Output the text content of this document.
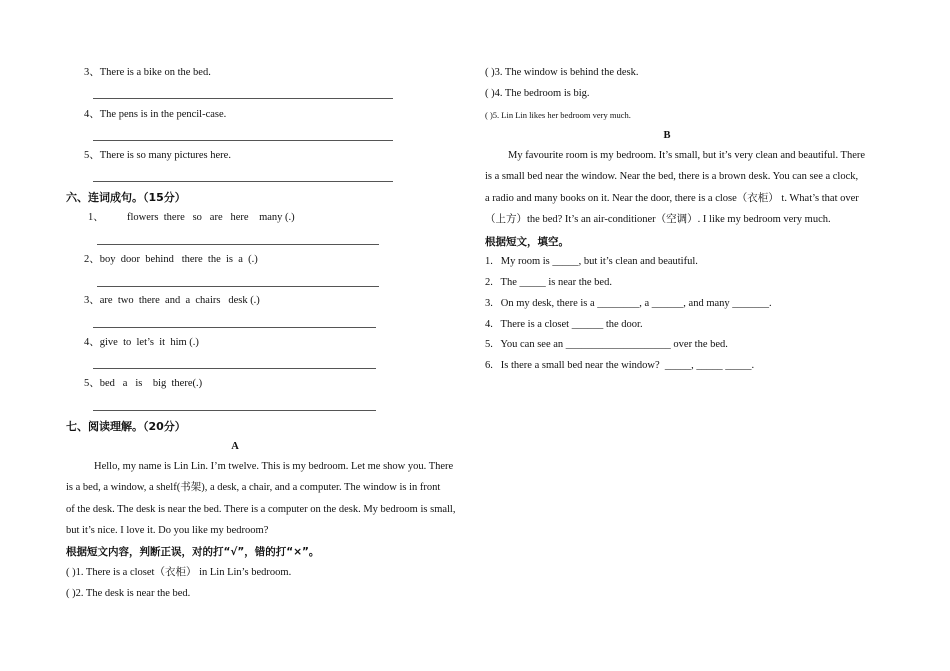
3、There is a bike on the bed.
4、The pens is in the pencil-case.
5、There is so many pictures here.
六、连词成句。（15分）
1、 flowers  there   so   are   here    many (.)
2、boy  door  behind   there  the  is  a  (.)
3、are  two  there  and  a  chairs   desk (.)
4、give  to  let’s  it  him (.)
5、bed   a   is    big  there(.)
七、阅读理解。（20分）
A
Hello, my name is Lin Lin. I’m twelve. This is my bedroom. Let me show you. There
is a bed, a window, a shelf(书架), a desk, a chair, and a computer. The window is in front
of the desk. The desk is near the bed. There is a computer on the desk. My bedroom is small,
but it’s nice. I love it. Do you like my bedroom?
根据短文内容，判断正误，对的打“√”，错的打“×”。
( )1. There is a closet（衣柜） in Lin Lin’s bedroom.
( )2. The desk is near the bed.
( )3. The window is behind the desk.
( )4. The bedroom is big.
( )5. Lin Lin likes her bedroom very much.
B
My favourite room is my bedroom. It’s small, but it’s very clean and beautiful. There
is a small bed near the window. Near the bed, there is a brown desk. You can see a clock,
a radio and many books on it. Near the door, there is a close（衣柜） t. What’s that over
（上方）the bed? It’s an air-conditioner（空调）. I like my bedroom very much.
根据短文，填空。
1.   My room is _____, but it’s clean and beautiful.
2.   The _____ is near the bed.
3.   On my desk, there is a ________, a ______, and many _______.
4.   There is a closet ______ the door.
5.   You can see an ____________________ over the bed.
6.   Is there a small bed near the window?  _____, _____ _____.
